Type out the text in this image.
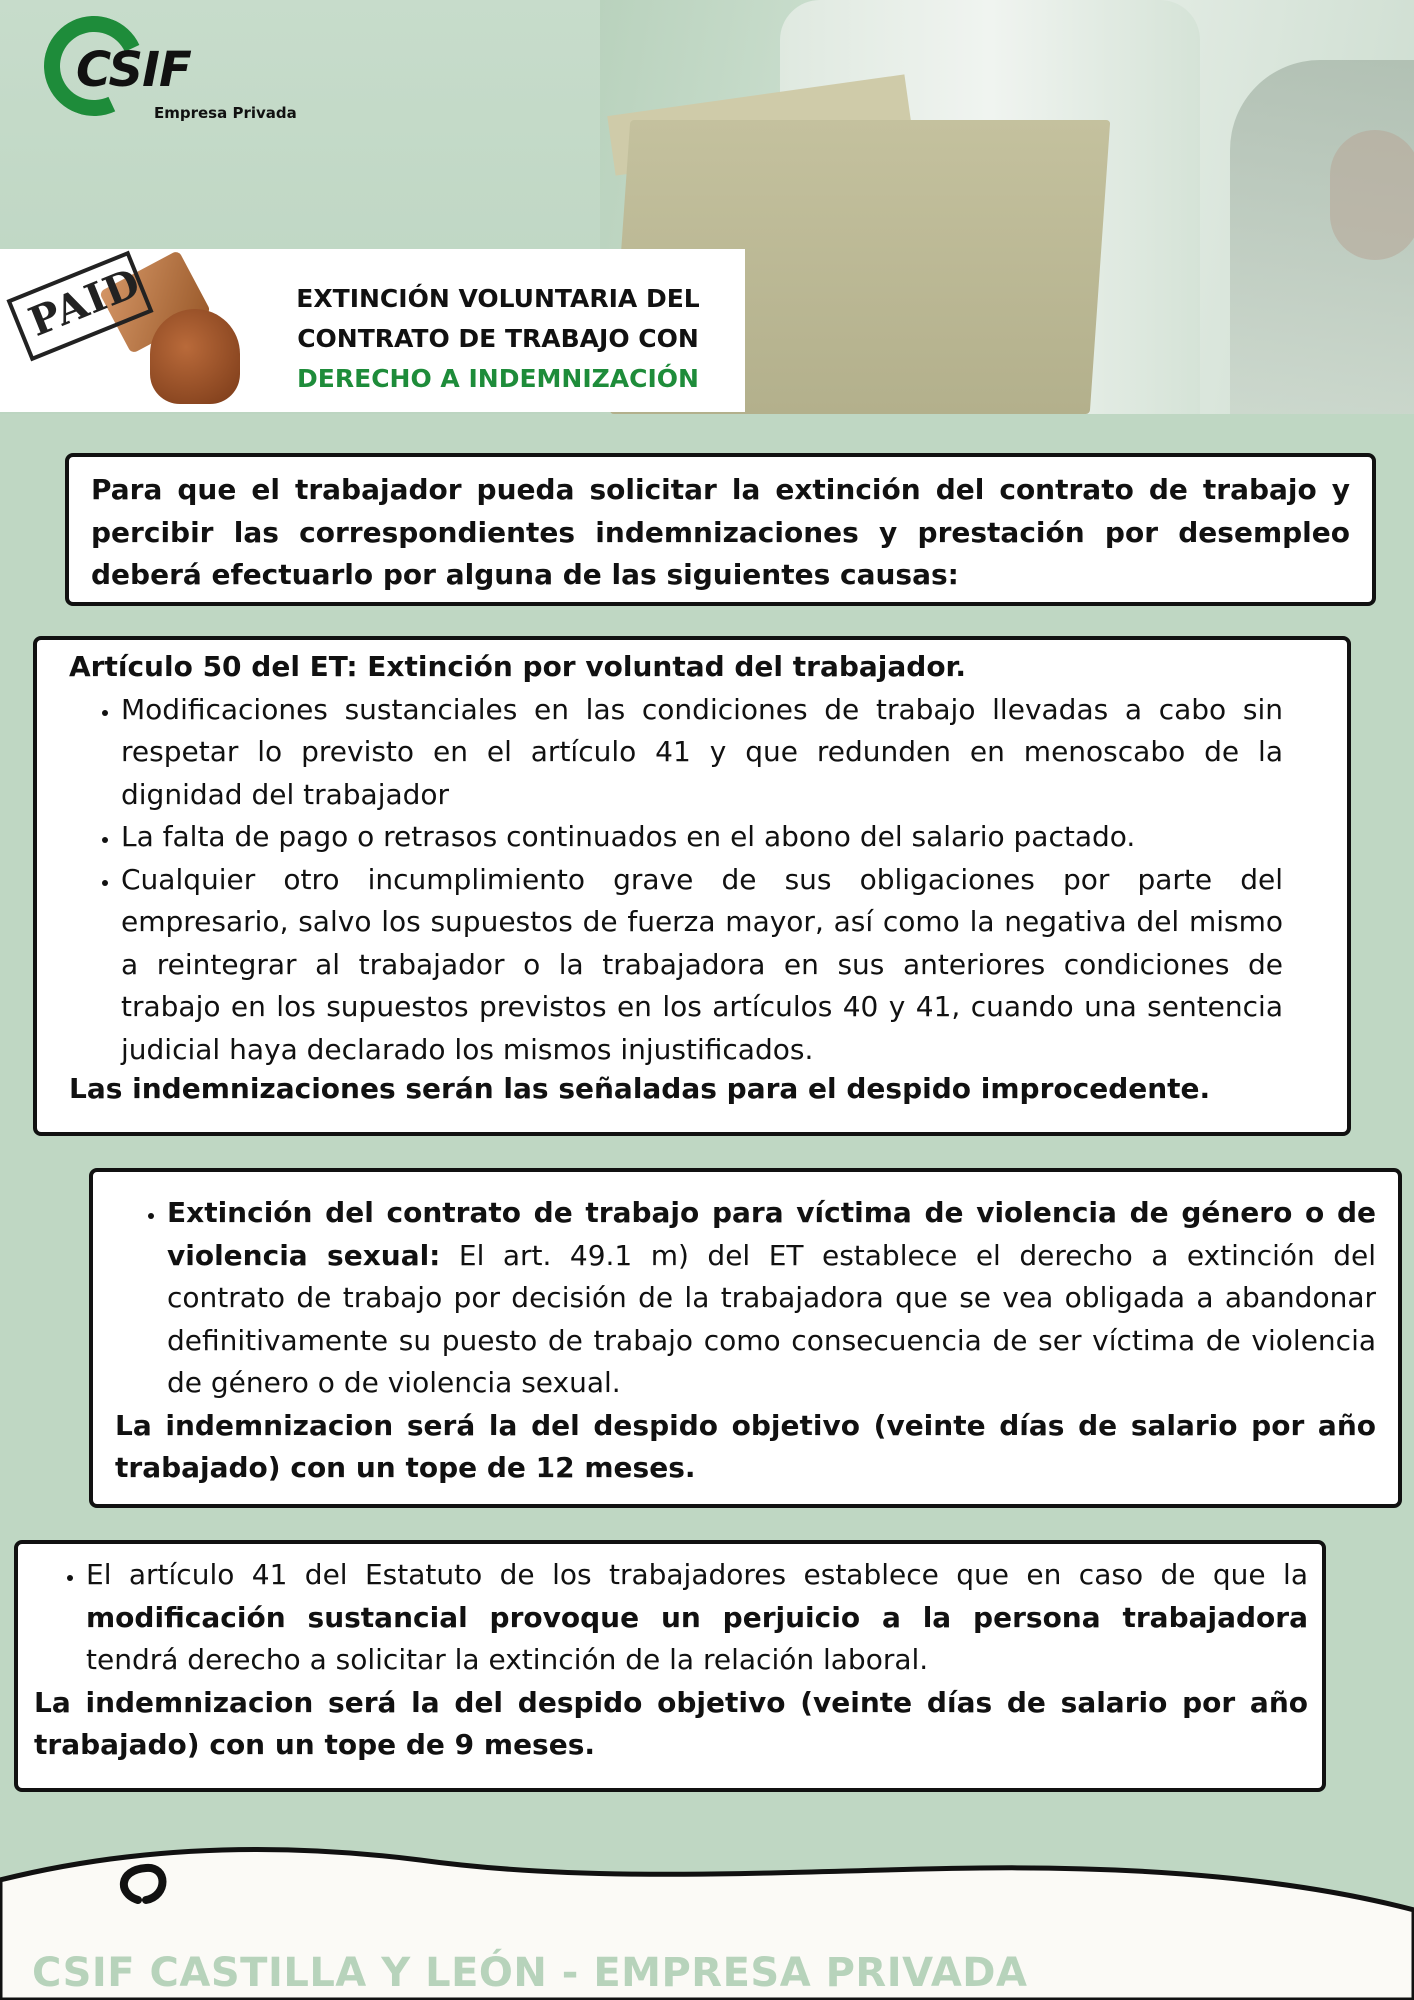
CSIF
Empresa Privada
PAID	EXTINCIÓN VOLUNTARIA DEL
CONTRATO DE TRABAJO CON
DERECHO A INDEMNIZACIÓN

Para que el trabajador pueda solicitar la extinción del contrato de trabajo y percibir las correspondientes indemnizaciones y prestación por desempleo deberá efectuarlo por alguna de las siguientes causas:

Artículo 50 del ET: Extinción por voluntad del trabajador.

• Modificaciones sustanciales en las condiciones de trabajo llevadas a cabo sin respetar lo previsto en el artículo 41 y que redunden en menoscabo de la dignidad del trabajador
• La falta de pago o retrasos continuados en el abono del salario pactado.
• Cualquier otro incumplimiento grave de sus obligaciones por parte del empresario, salvo los supuestos de fuerza mayor, así como la negativa del mismo a reintegrar al trabajador o la trabajadora en sus anteriores condiciones de trabajo en los supuestos previstos en los artículos 40 y 41, cuando una sentencia judicial haya declarado los mismos injustificados.

Las indemnizaciones serán las señaladas para el despido improcedente.

• Extinción del contrato de trabajo para víctima de violencia de género o de violencia sexual: El art. 49.1 m) del ET establece el derecho a extinción del contrato de trabajo por decisión de la trabajadora que se vea obligada a abandonar definitivamente su puesto de trabajo como consecuencia de ser víctima de violencia de género o de violencia sexual.

La indemnizacion será la del despido objetivo (veinte días de salario por año trabajado) con un tope de 12 meses.

• El artículo 41 del Estatuto de los trabajadores establece que en caso de que la modificación sustancial provoque un perjuicio a la persona trabajadora tendrá derecho a solicitar la extinción de la relación laboral.

La indemnizacion será la del despido objetivo (veinte días de salario por año trabajado) con un tope de 9 meses.

CSIF CASTILLA Y LEÓN - EMPRESA PRIVADA
